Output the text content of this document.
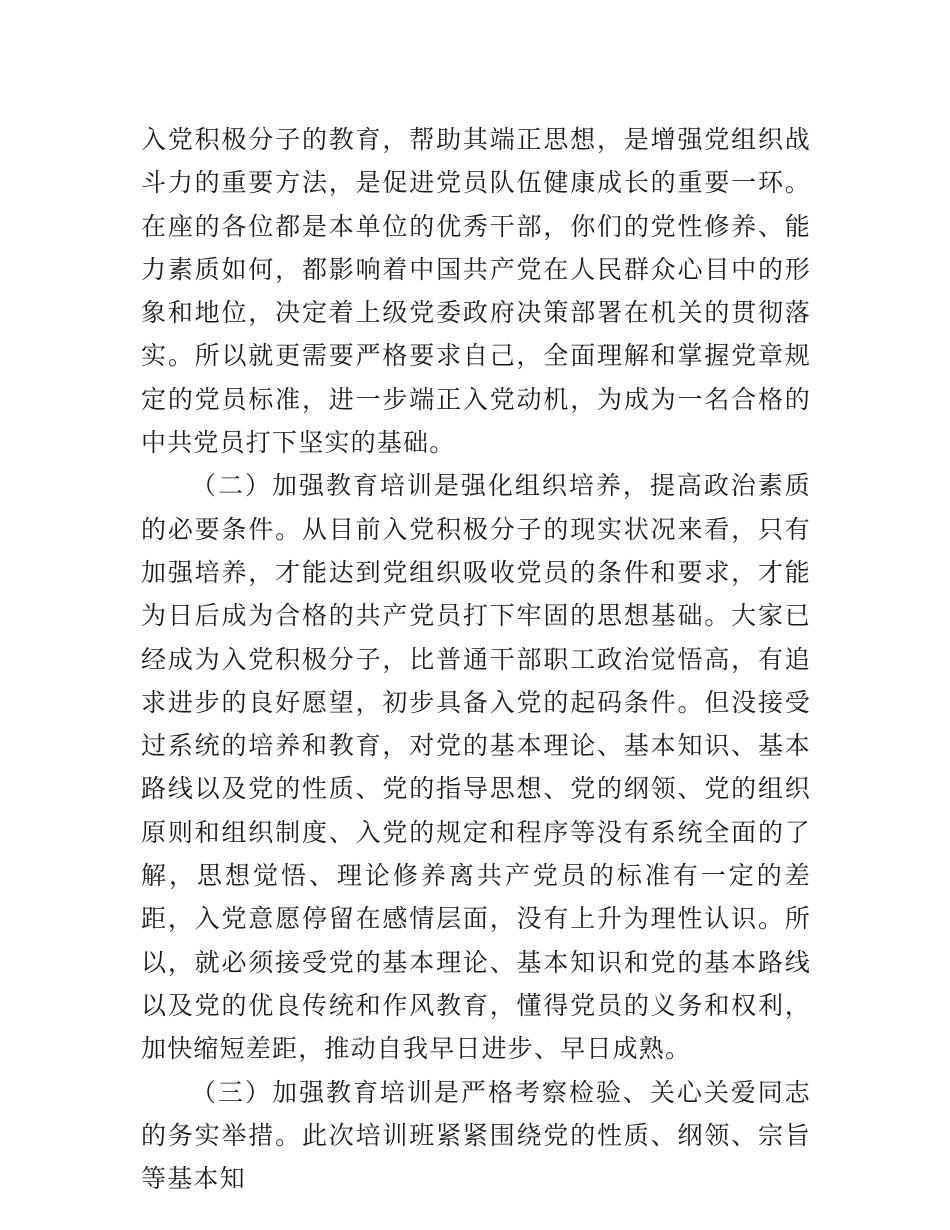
入党积极分子的教育，帮助其端正思想，是增强党组织战斗力的重要方法，是促进党员队伍健康成长的重要一环。在座的各位都是本单位的优秀干部，你们的党性修养、能力素质如何，都影响着中国共产党在人民群众心目中的形象和地位，决定着上级党委政府决策部署在机关的贯彻落实。所以就更需要严格要求自己，全面理解和掌握党章规定的党员标准，进一步端正入党动机，为成为一名合格的中共党员打下坚实的基础。

（二）加强教育培训是强化组织培养，提高政治素质的必要条件。从目前入党积极分子的现实状况来看，只有加强培养，才能达到党组织吸收党员的条件和要求，才能为日后成为合格的共产党员打下牢固的思想基础。大家已经成为入党积极分子，比普通干部职工政治觉悟高，有追求进步的良好愿望，初步具备入党的起码条件。但没接受过系统的培养和教育，对党的基本理论、基本知识、基本路线以及党的性质、党的指导思想、党的纲领、党的组织原则和组织制度、入党的规定和程序等没有系统全面的了解，思想觉悟、理论修养离共产党员的标准有一定的差距，入党意愿停留在感情层面，没有上升为理性认识。所以，就必须接受党的基本理论、基本知识和党的基本路线以及党的优良传统和作风教育，懂得党员的义务和权利，加快缩短差距，推动自我早日进步、早日成熟。

（三）加强教育培训是严格考察检验、关心关爱同志的务实举措。此次培训班紧紧围绕党的性质、纲领、宗旨等基本知
